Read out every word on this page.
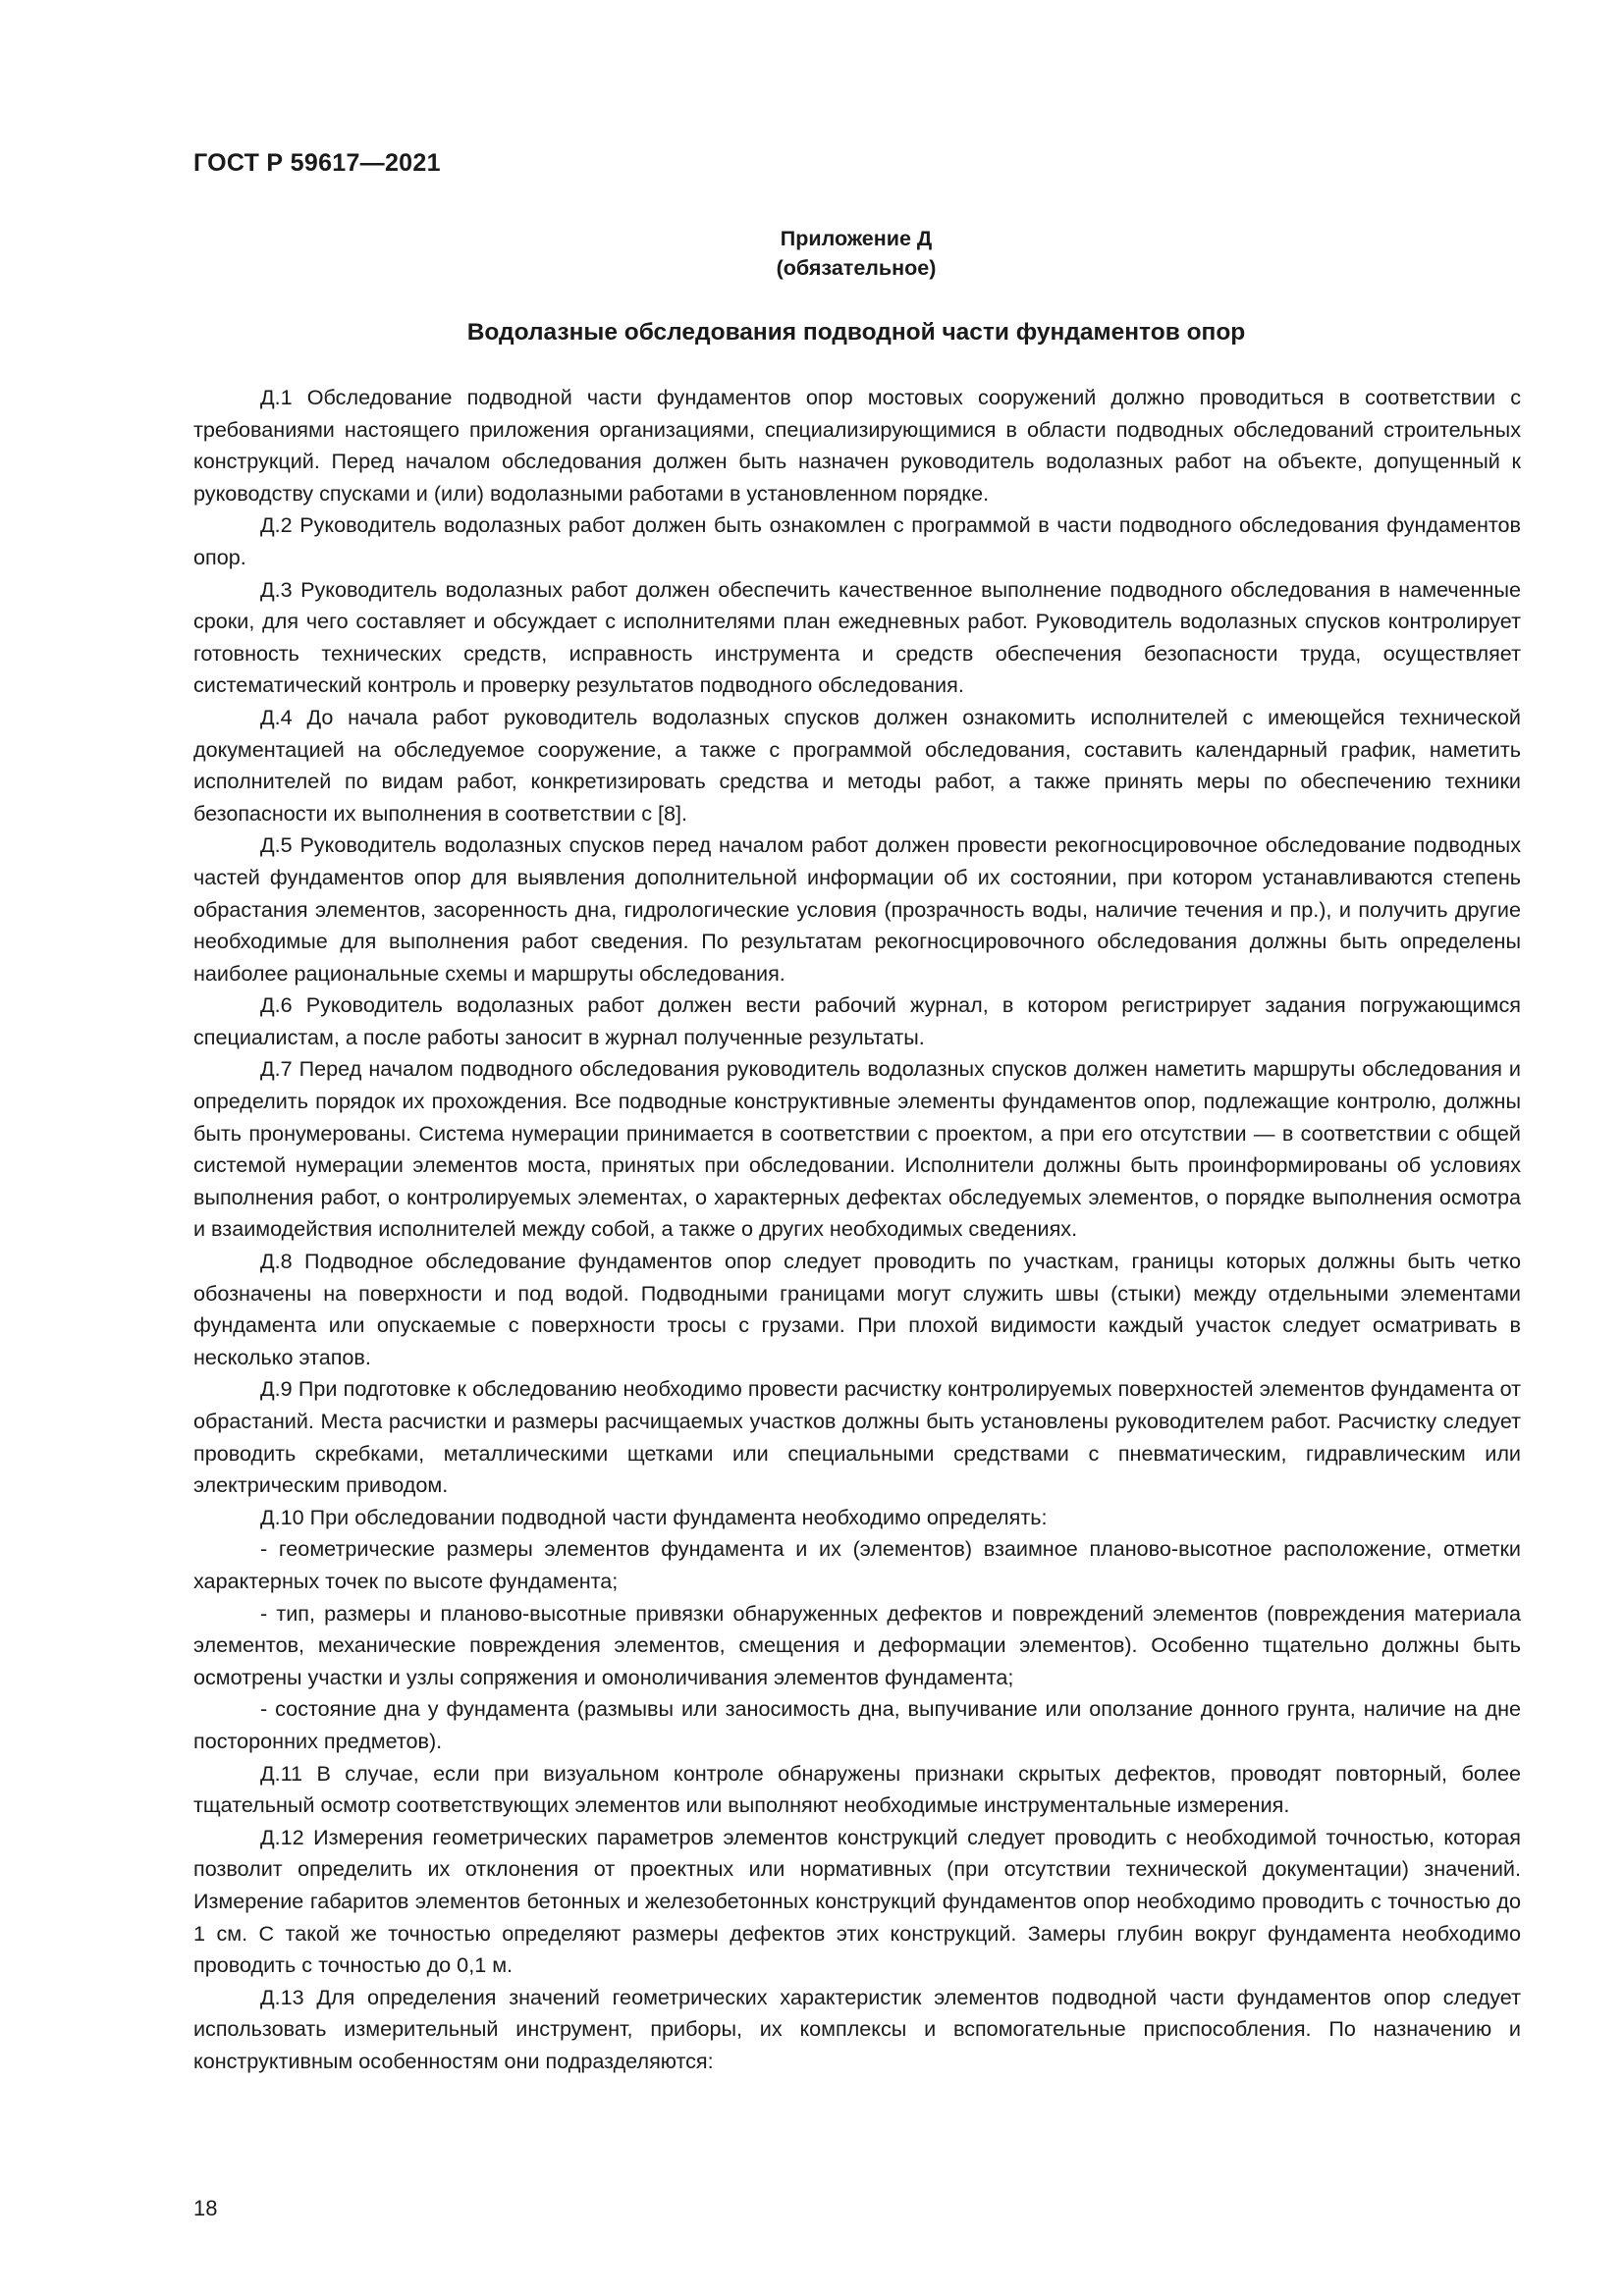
ГОСТ Р 59617—2021
Приложение Д
(обязательное)
Водолазные обследования подводной части фундаментов опор

Д.1 Обследование подводной части фундаментов опор мостовых сооружений должно проводиться в соответствии с требованиями настоящего приложения организациями, специализирующимися в области подводных обследований строительных конструкций. Перед началом обследования должен быть назначен руководитель водолазных работ на объекте, допущенный к руководству спусками и (или) водолазными работами в установленном порядке.

Д.2 Руководитель водолазных работ должен быть ознакомлен с программой в части подводного обследования фундаментов опор.

Д.3 Руководитель водолазных работ должен обеспечить качественное выполнение подводного обследования в намеченные сроки, для чего составляет и обсуждает с исполнителями план ежедневных работ. Руководитель водолазных спусков контролирует готовность технических средств, исправность инструмента и средств обеспечения безопасности труда, осуществляет систематический контроль и проверку результатов подводного обследования.

Д.4 До начала работ руководитель водолазных спусков должен ознакомить исполнителей с имеющейся технической документацией на обследуемое сооружение, а также с программой обследования, составить календарный график, наметить исполнителей по видам работ, конкретизировать средства и методы работ, а также принять меры по обеспечению техники безопасности их выполнения в соответствии с [8].

Д.5 Руководитель водолазных спусков перед началом работ должен провести рекогносцировочное обследование подводных частей фундаментов опор для выявления дополнительной информации об их состоянии, при котором устанавливаются степень обрастания элементов, засоренность дна, гидрологические условия (прозрачность воды, наличие течения и пр.), и получить другие необходимые для выполнения работ сведения. По результатам рекогносцировочного обследования должны быть определены наиболее рациональные схемы и маршруты обследования.

Д.6 Руководитель водолазных работ должен вести рабочий журнал, в котором регистрирует задания погружающимся специалистам, а после работы заносит в журнал полученные результаты.

Д.7 Перед началом подводного обследования руководитель водолазных спусков должен наметить маршруты обследования и определить порядок их прохождения. Все подводные конструктивные элементы фундаментов опор, подлежащие контролю, должны быть пронумерованы. Система нумерации принимается в соответствии с проектом, а при его отсутствии — в соответствии с общей системой нумерации элементов моста, принятых при обследовании. Исполнители должны быть проинформированы об условиях выполнения работ, о контролируемых элементах, о характерных дефектах обследуемых элементов, о порядке выполнения осмотра и взаимодействия исполнителей между собой, а также о других необходимых сведениях.

Д.8 Подводное обследование фундаментов опор следует проводить по участкам, границы которых должны быть четко обозначены на поверхности и под водой. Подводными границами могут служить швы (стыки) между отдельными элементами фундамента или опускаемые с поверхности тросы с грузами. При плохой видимости каждый участок следует осматривать в несколько этапов.

Д.9 При подготовке к обследованию необходимо провести расчистку контролируемых поверхностей элементов фундамента от обрастаний. Места расчистки и размеры расчищаемых участков должны быть установлены руководителем работ. Расчистку следует проводить скребками, металлическими щетками или специальными средствами с пневматическим, гидравлическим или электрическим приводом.

Д.10 При обследовании подводной части фундамента необходимо определять:

- геометрические размеры элементов фундамента и их (элементов) взаимное планово-высотное расположение, отметки характерных точек по высоте фундамента;

- тип, размеры и планово-высотные привязки обнаруженных дефектов и повреждений элементов (повреждения материала элементов, механические повреждения элементов, смещения и деформации элементов). Особенно тщательно должны быть осмотрены участки и узлы сопряжения и омоноличивания элементов фундамента;

- состояние дна у фундамента (размывы или заносимость дна, выпучивание или оползание донного грунта, наличие на дне посторонних предметов).

Д.11 В случае, если при визуальном контроле обнаружены признаки скрытых дефектов, проводят повторный, более тщательный осмотр соответствующих элементов или выполняют необходимые инструментальные измерения.

Д.12 Измерения геометрических параметров элементов конструкций следует проводить с необходимой точностью, которая позволит определить их отклонения от проектных или нормативных (при отсутствии технической документации) значений. Измерение габаритов элементов бетонных и железобетонных конструкций фундаментов опор необходимо проводить с точностью до 1 см. С такой же точностью определяют размеры дефектов этих конструкций. Замеры глубин вокруг фундамента необходимо проводить с точностью до 0,1 м.

Д.13 Для определения значений геометрических характеристик элементов подводной части фундаментов опор следует использовать измерительный инструмент, приборы, их комплексы и вспомогательные приспособления. По назначению и конструктивным особенностям они подразделяются:

18
